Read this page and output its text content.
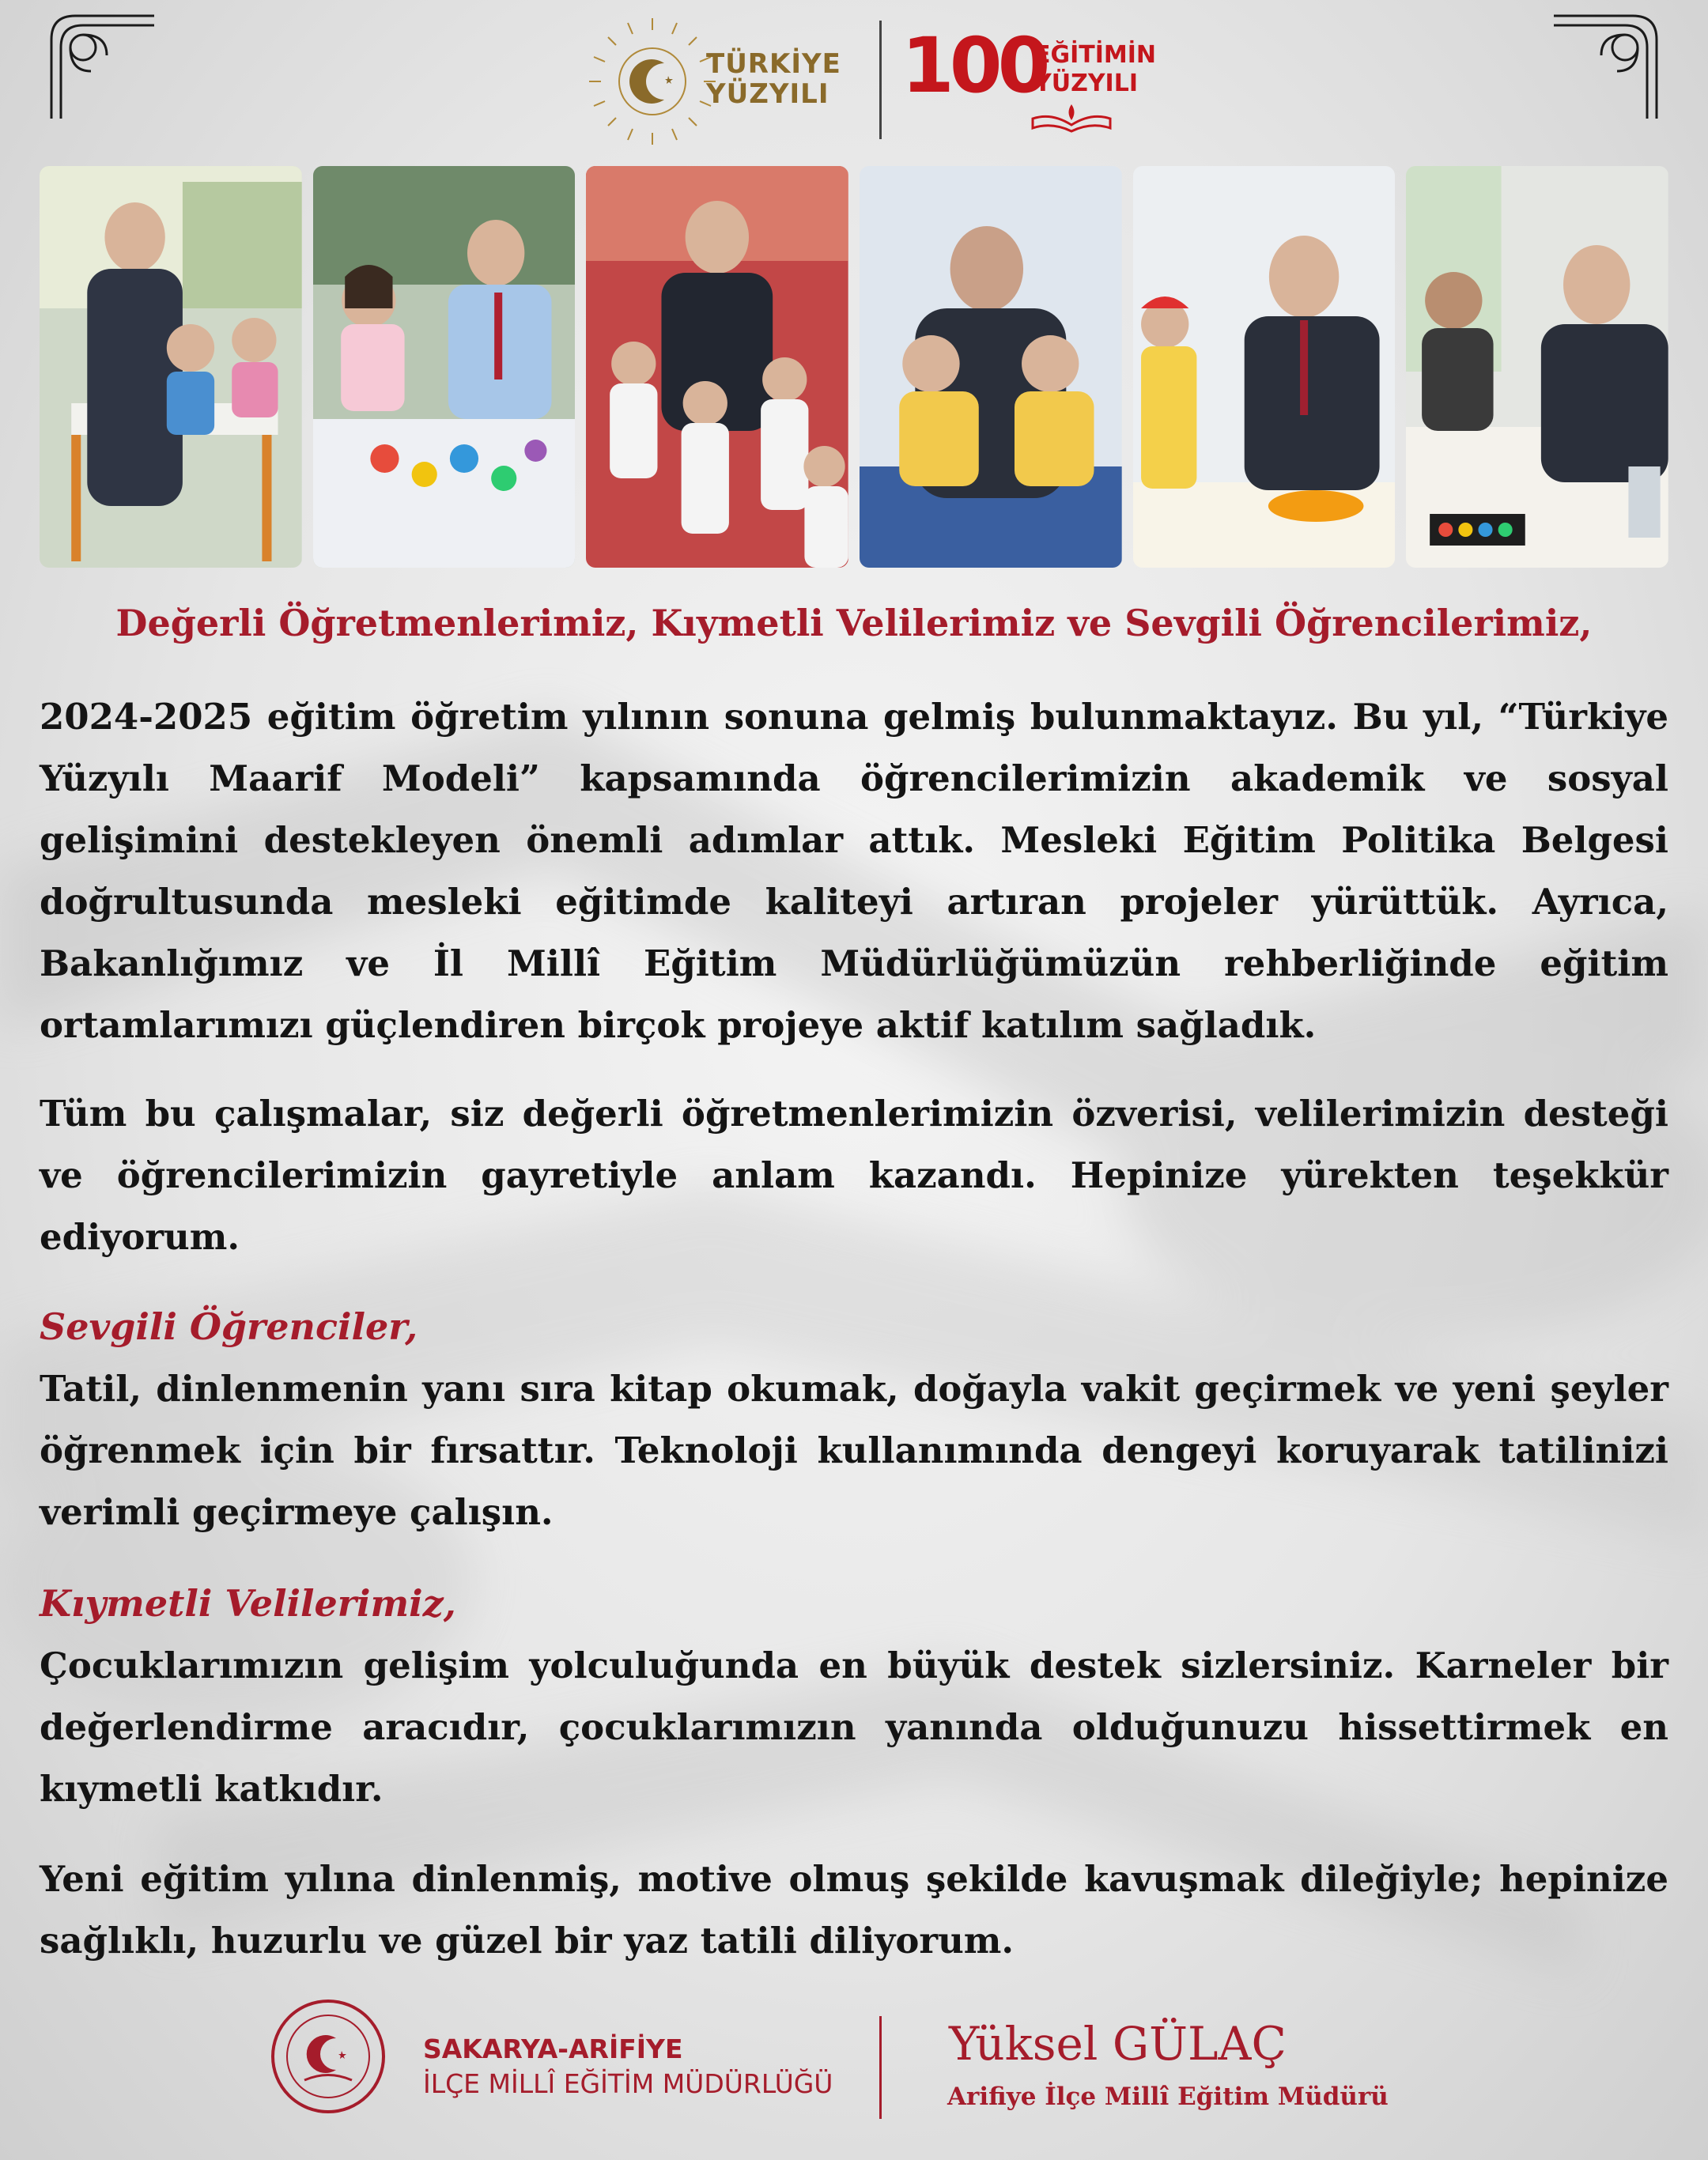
TÜRKİYE
YÜZYILI 100
EĞİTİMİN
YÜZYILI
Değerli Öğretmenlerimiz, Kıymetli Velilerimiz ve Sevgili Öğrencilerimiz,
2024-2025 eğitim öğretim yılının sonuna gelmiş bulunmaktayız. Bu yıl, “Türkiye Yüzyılı Maarif Modeli” kapsamında öğrencilerimizin akademik ve sosyal gelişimini destekleyen önemli adımlar attık. Mesleki Eğitim Politika Belgesi doğrultusunda mesleki eğitimde kaliteyi artıran projeler yürüttük. Ayrıca, Bakanlığımız ve İl Millî Eğitim Müdürlüğümüzün rehberliğinde eğitim ortamlarımızı güçlendiren birçok projeye aktif katılım sağladık.
Tüm bu çalışmalar, siz değerli öğretmenlerimizin özverisi, velilerimizin desteği ve öğrencilerimizin gayretiyle anlam kazandı. Hepinize yürekten teşekkür ediyorum.
Sevgili Öğrenciler,
Tatil, dinlenmenin yanı sıra kitap okumak, doğayla vakit geçirmek ve yeni şeyler öğrenmek için bir fırsattır. Teknoloji kullanımında dengeyi koruyarak tatilinizi verimli geçirmeye çalışın.
Kıymetli Velilerimiz,
Çocuklarımızın gelişim yolculuğunda en büyük destek sizlersiniz. Karneler bir değerlendirme aracıdır, çocuklarımızın yanında olduğunuzu hissettirmek en kıymetli katkıdır.
Yeni eğitim yılına dinlenmiş, motive olmuş şekilde kavuşmak dileğiyle; hepinize sağlıklı, huzurlu ve güzel bir yaz tatili diliyorum.
SAKARYA-ARİFİYE
İLÇE MİLLÎ EĞİTİM MÜDÜRLÜĞÜ
Yüksel GÜLAÇ
Arifiye İlçe Millî Eğitim Müdürü
